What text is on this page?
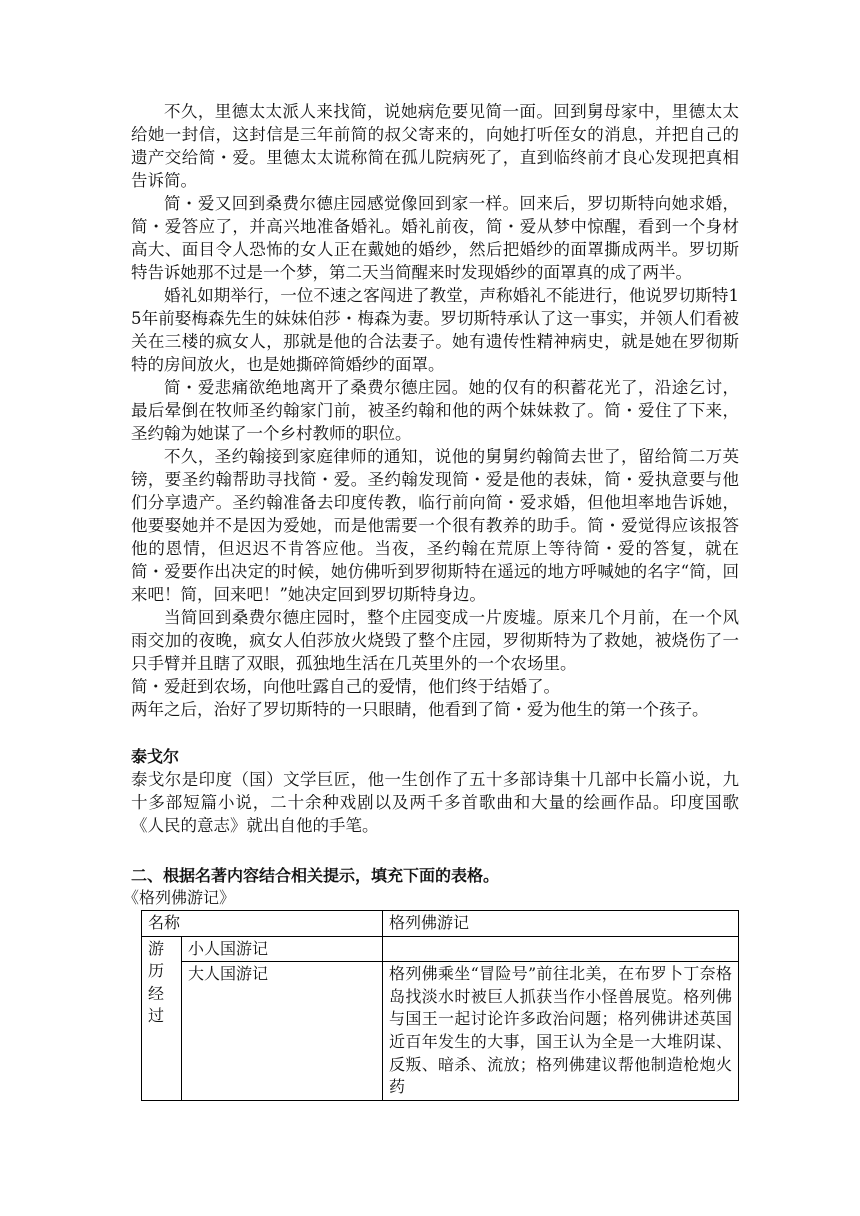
不久，里德太太派人来找简，说她病危要见简一面。回到舅母家中，里德太太给她一封信，这封信是三年前简的叔父寄来的，向她打听侄女的消息，并把自己的遗产交给简・爱。里德太太谎称简在孤儿院病死了，直到临终前才良心发现把真相告诉简。

简・爱又回到桑费尔德庄园感觉像回到家一样。回来后，罗切斯特向她求婚，简・爱答应了，并高兴地准备婚礼。婚礼前夜，简・爱从梦中惊醒，看到一个身材高大、面目令人恐怖的女人正在戴她的婚纱，然后把婚纱的面罩撕成两半。罗切斯特告诉她那不过是一个梦，第二天当简醒来时发现婚纱的面罩真的成了两半。

婚礼如期举行，一位不速之客闯进了教堂，声称婚礼不能进行，他说罗切斯特15年前娶梅森先生的妹妹伯莎・梅森为妻。罗切斯特承认了这一事实，并领人们看被关在三楼的疯女人，那就是他的合法妻子。她有遗传性精神病史，就是她在罗彻斯特的房间放火，也是她撕碎简婚纱的面罩。

简・爱悲痛欲绝地离开了桑费尔德庄园。她的仅有的积蓄花光了，沿途乞讨，最后晕倒在牧师圣约翰家门前，被圣约翰和他的两个妹妹救了。简・爱住了下来，圣约翰为她谋了一个乡村教师的职位。

不久，圣约翰接到家庭律师的通知，说他的舅舅约翰简去世了，留给简二万英镑，要圣约翰帮助寻找简・爱。圣约翰发现简・爱是他的表妹，简・爱执意要与他们分享遗产。圣约翰准备去印度传教，临行前向简・爱求婚，但他坦率地告诉她，他要娶她并不是因为爱她，而是他需要一个很有教养的助手。简・爱觉得应该报答他的恩情，但迟迟不肯答应他。当夜，圣约翰在荒原上等待简・爱的答复，就在简・爱要作出决定的时候，她仿佛听到罗彻斯特在遥远的地方呼喊她的名字“简，回来吧！简，回来吧！”她决定回到罗切斯特身边。

当简回到桑费尔德庄园时，整个庄园变成一片废墟。原来几个月前，在一个风雨交加的夜晚，疯女人伯莎放火烧毁了整个庄园，罗彻斯特为了救她，被烧伤了一只手臂并且瞎了双眼，孤独地生活在几英里外的一个农场里。

简・爱赶到农场，向他吐露自己的爱情，他们终于结婚了。

两年之后，治好了罗切斯特的一只眼睛，他看到了简・爱为他生的第一个孩子。

泰戈尔

泰戈尔是印度（国）文学巨匠，他一生创作了五十多部诗集十几部中长篇小说，九十多部短篇小说，二十余种戏剧以及两千多首歌曲和大量的绘画作品。印度国歌《人民的意志》就出自他的手笔。

二、根据名著内容结合相关提示，填充下面的表格。

《格列佛游记》

名称		格列佛游记
游历经过	小人国游记	
	大人国游记	格列佛乘坐“冒险号”前往北美，在布罗卜丁奈格岛找淡水时被巨人抓获当作小怪兽展览。格列佛与国王一起讨论许多政治问题；格列佛讲述英国近百年发生的大事，国王认为全是一大堆阴谋、反叛、暗杀、流放；格列佛建议帮他制造枪炮火药
